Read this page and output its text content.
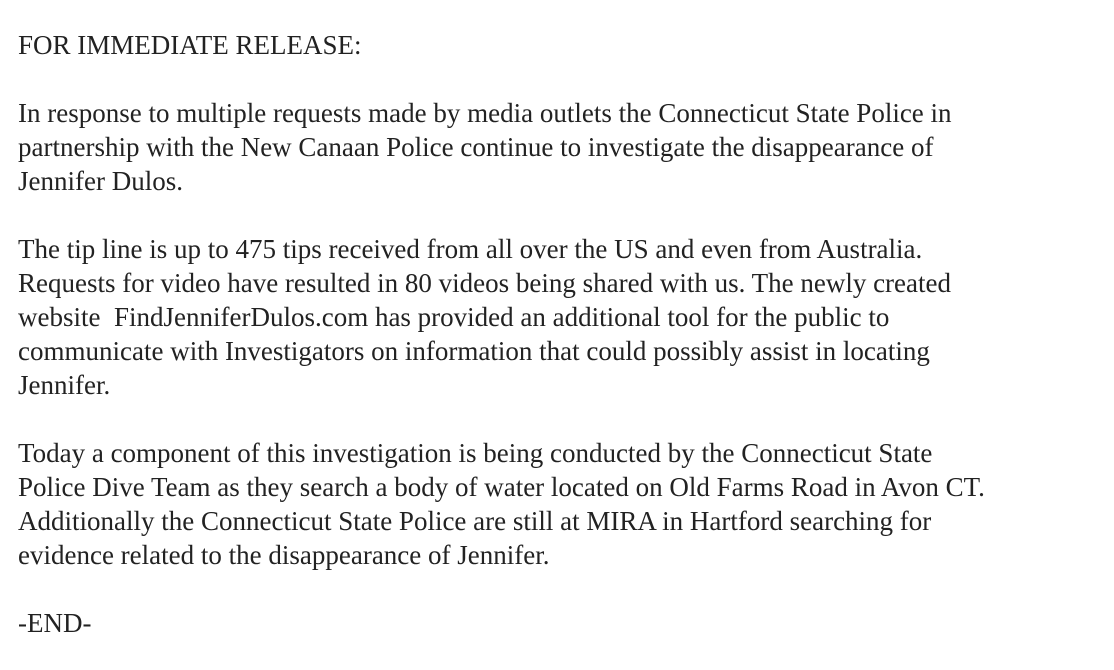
FOR IMMEDIATE RELEASE:

In response to multiple requests made by media outlets the Connecticut State Police in
partnership with the New Canaan Police continue to investigate the disappearance of
Jennifer Dulos.

The tip line is up to 475 tips received from all over the US and even from Australia.
Requests for video have resulted in 80 videos being shared with us. The newly created
website  FindJenniferDulos.com has provided an additional tool for the public to
communicate with Investigators on information that could possibly assist in locating
Jennifer.

Today a component of this investigation is being conducted by the Connecticut State
Police Dive Team as they search a body of water located on Old Farms Road in Avon CT.
Additionally the Connecticut State Police are still at MIRA in Hartford searching for
evidence related to the disappearance of Jennifer.

-END-
